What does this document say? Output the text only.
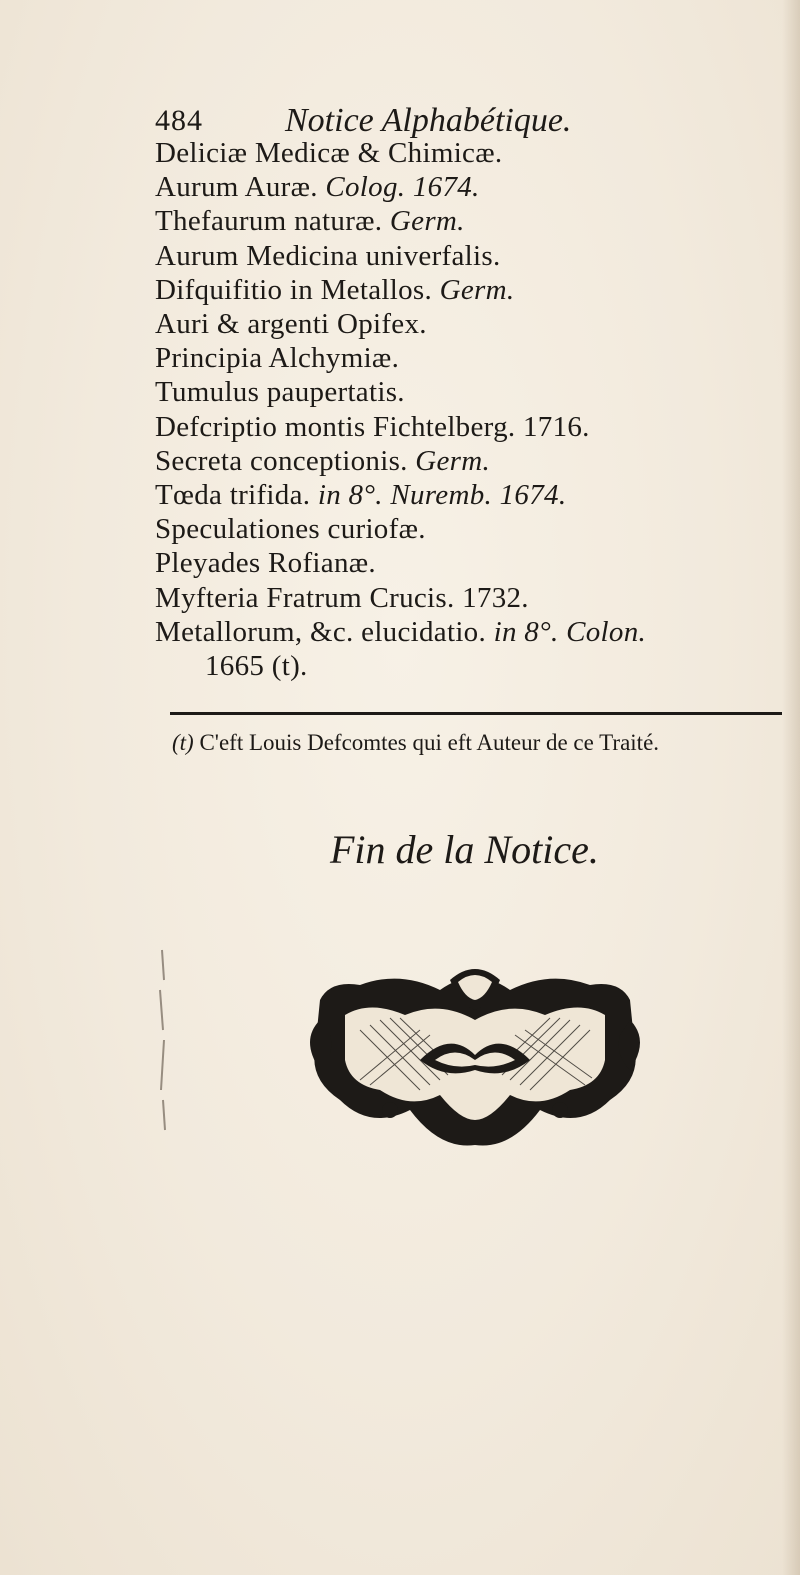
484 Notice Alphabétique.
Deliciæ Medicæ & Chimicæ.
Aurum Auræ. Colog. 1674.
Thefaurum naturæ. Germ.
Aurum Medicina univerfalis.
Difquifitio in Metallos. Germ.
Auri & argenti Opifex.
Principia Alchymiæ.
Tumulus paupertatis.
Defcriptio montis Fichtelberg. 1716.
Secreta conceptionis. Germ.
Tœda trifida. in 8°. Nuremb. 1674.
Speculationes curiofæ.
Pleyades Rofianæ.
Myfteria Fratrum Crucis. 1732.
Metallorum, &c. elucidatio. in 8°. Colon.
1665 (t).
(t) C'eft Louis Defcomtes qui eft Auteur de ce Traité.
Fin de la Notice.
